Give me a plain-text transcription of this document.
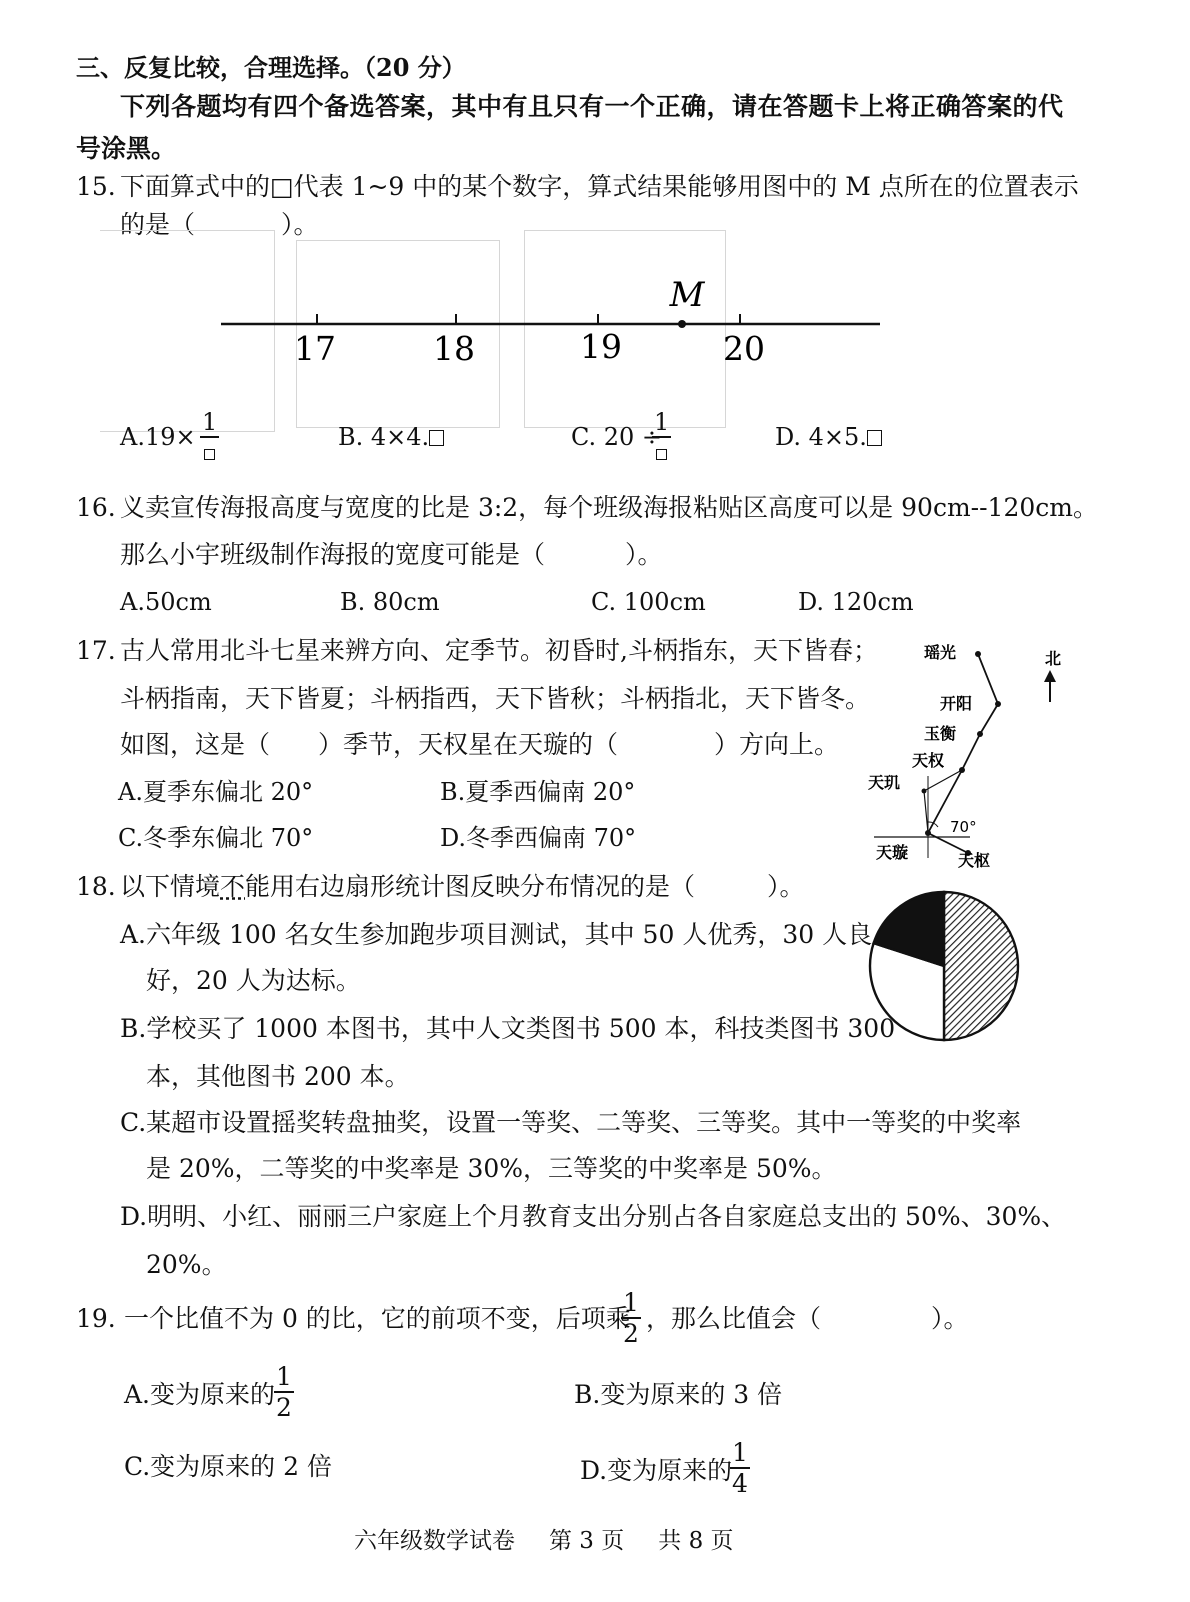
三、反复比较，合理选择。（20 分）
下列各题均有四个备选答案，其中有且只有一个正确，请在答题卡上将正确答案的代
号涂黑。
15. 下面算式中的□代表 1~9 中的某个数字，算式结果能够用图中的 M 点所在的位置表示
的是（	）。
17	18	19	20
M
A.19×
1
B. 4×4.	C. 20 ÷
1
D. 4×5.
16. 义卖宣传海报高度与宽度的比是 3:2，每个班级海报粘贴区高度可以是 90cm--120cm。
那么小宇班级制作海报的宽度可能是（	）。
A.50cm	B. 80cm	C. 100cm	D. 120cm
17. 古人常用北斗七星来辨方向、定季节。初昏时,斗柄指东，天下皆春；
斗柄指南，天下皆夏；斗柄指西，天下皆秋；斗柄指北，天下皆冬。
如图，这是（ ）季节，天权星在天璇的（	）方向上。
A.夏季东偏北 20°	B.夏季西偏南 20°
C.冬季东偏北 70°	D.冬季西偏南 70°
北
瑶光
开阳
玉衡
天权
天玑
天璇	天枢
70°
18. 以下情境不能用右边扇形统计图反映分布情况的是（	）。
A.六年级 100 名女生参加跑步项目测试，其中 50 人优秀，30 人良
好，20 人为达标。
B.学校买了 1000 本图书，其中人文类图书 500 本，科技类图书 300
本，其他图书 200 本。
C.某超市设置摇奖转盘抽奖，设置一等奖、二等奖、三等奖。其中一等奖的中奖率
是 20%，二等奖的中奖率是 30%，三等奖的中奖率是 50%。
D.明明、小红、丽丽三户家庭上个月教育支出分别占各自家庭总支出的 50%、30%、
20%。
19. 一个比值不为 0 的比，它的前项不变，后项乘
$\frac{1}{2}$ ，那么比值会（	）。
A.变为原来的
$\frac{1}{2}$	B.变为原来的 3 倍
C.变为原来的 2 倍	D.变为原来的
$\frac{1}{4}$
六年级数学试卷 第 3 页 共 8 页
